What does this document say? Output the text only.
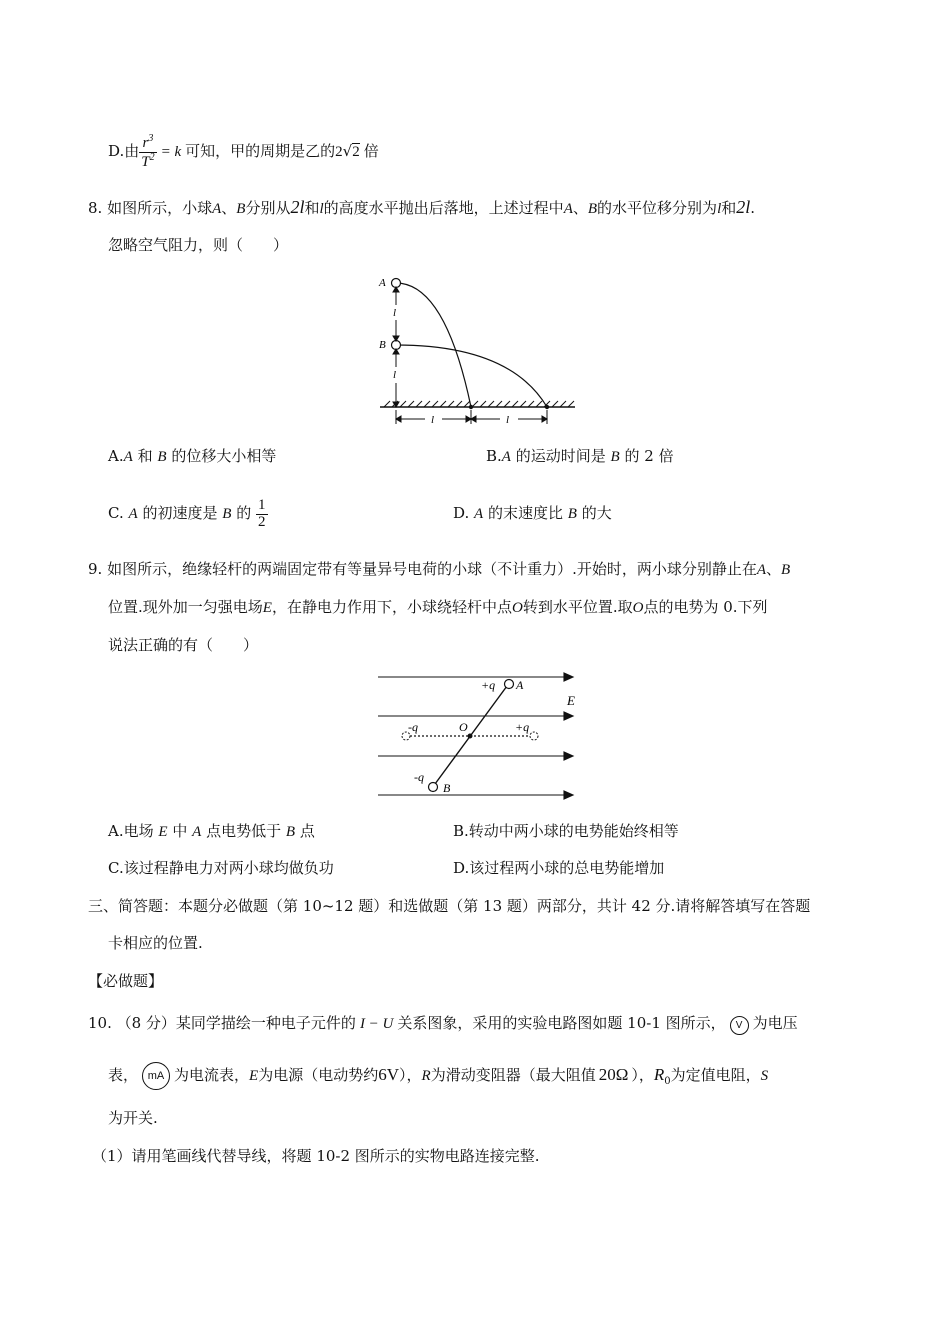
D.由 $\frac{r^3}{T^2} = k$ 可知，甲的周期是乙的2√2 倍
8. 如图所示，小球A、B分别从2l和l的高度水平抛出后落地，上述过程中A、B的水平位移分别为l和2l.
忽略空气阻力，则（　　）
A
B
l
l
l	l
A.A 和 B 的位移大小相等	B.A 的运动时间是 B 的 2 倍
C. A 的初速度是 B 的 $\frac{1}{2}$	D. A 的末速度比 B 的大
9. 如图所示，绝缘轻杆的两端固定带有等量异号电荷的小球（不计重力）.开始时，两小球分别静止在A、B
位置.现外加一匀强电场E，在静电力作用下，小球绕轻杆中点O转到水平位置.取O点的电势为 0.下列
说法正确的有（　　）
+q A
E
-q	O	+q
-q
B
A.电场 E 中 A 点电势低于 B 点	B.转动中两小球的电势能始终相等
C.该过程静电力对两小球均做负功	D.该过程两小球的总电势能增加
三、简答题：本题分必做题（第 10~12 题）和选做题（第 13 题）两部分，共计 42 分.请将解答填写在答题
卡相应的位置.
【必做题】
10. （8 分）某同学描绘一种电子元件的 I − U 关系图象，采用的实验电路图如题 10-1 图所示， V 为电压
表， mA 为电流表，E为电源（电动势约6V），R为滑动变阻器（最大阻值 20Ω ），$R_0$为定值电阻，S
为开关.
（1）请用笔画线代替导线，将题 10-2 图所示的实物电路连接完整.
